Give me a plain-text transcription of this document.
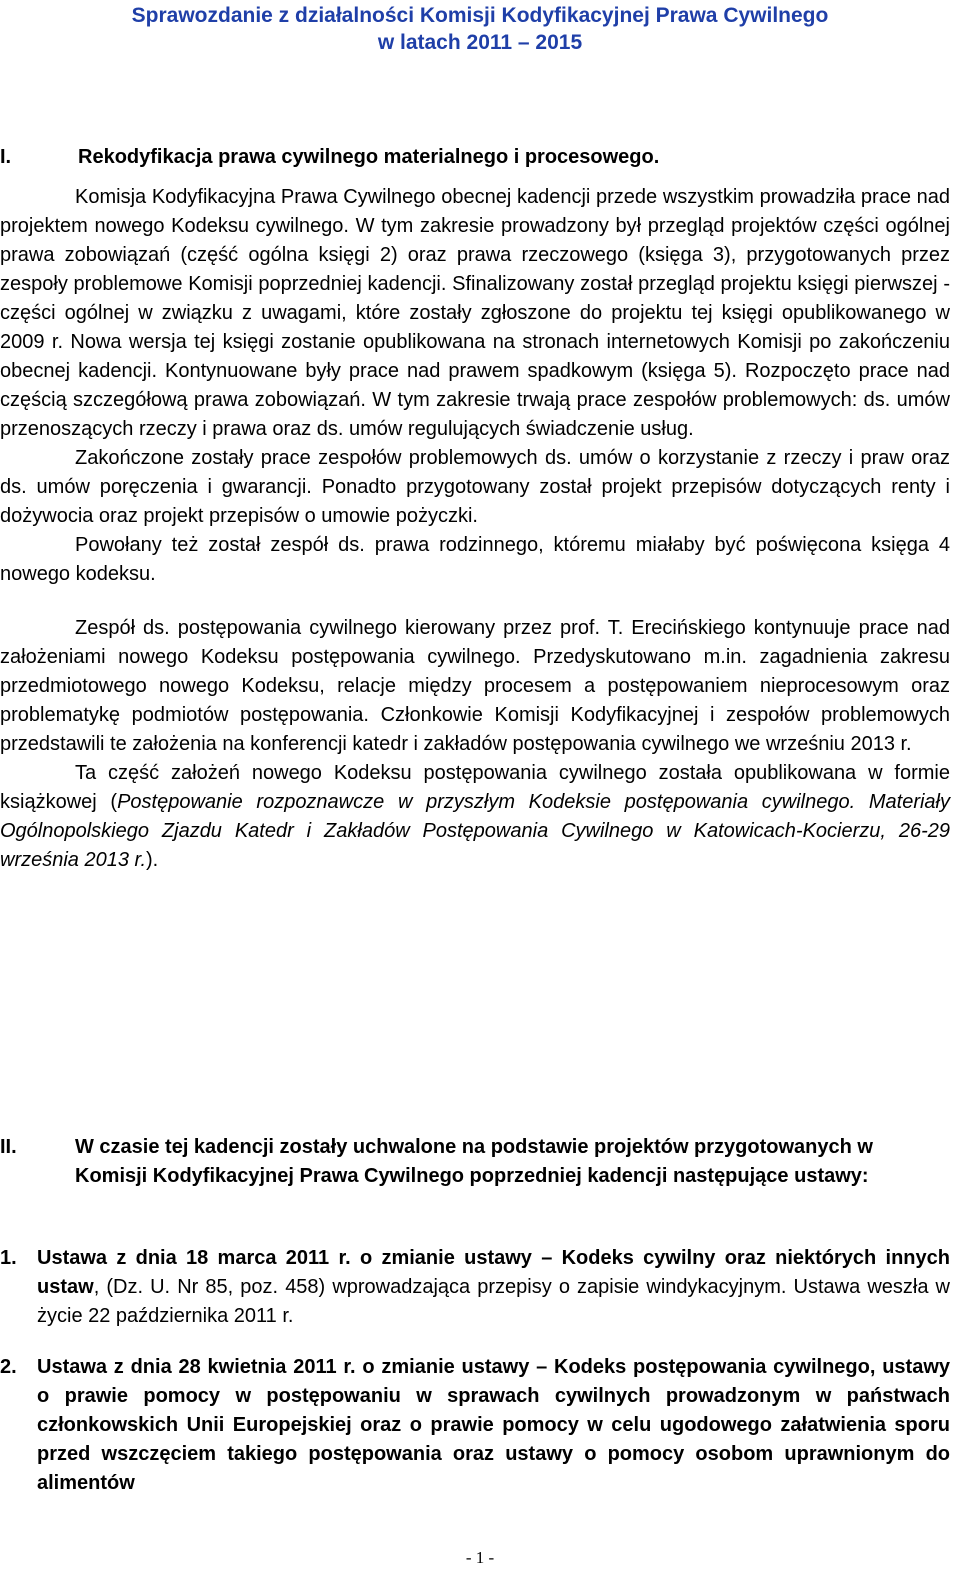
Sprawozdanie z działalności Komisji Kodyfikacyjnej Prawa Cywilnego
w latach 2011 – 2015
I.	Rekodyfikacja prawa cywilnego materialnego i procesowego.

Komisja Kodyfikacyjna Prawa Cywilnego obecnej kadencji przede wszystkim prowadziła prace nad projektem nowego Kodeksu cywilnego. W tym zakresie prowadzony był przegląd projektów części ogólnej prawa zobowiązań (część ogólna księgi 2) oraz prawa rzeczowego (księga 3), przygotowanych przez zespoły problemowe Komisji poprzedniej kadencji. Sfinalizowany został przegląd projektu księgi pierwszej - części ogólnej w związku z uwagami, które zostały zgłoszone do projektu tej księgi opublikowanego w 2009 r. Nowa wersja tej księgi zostanie opublikowana na stronach internetowych Komisji po zakończeniu obecnej kadencji. Kontynuowane były prace nad prawem spadkowym (księga 5). Rozpoczęto prace nad częścią szczegółową prawa zobowiązań. W tym zakresie trwają prace zespołów problemowych: ds. umów przenoszących rzeczy i prawa oraz ds. umów regulujących świadczenie usług.

Zakończone zostały prace zespołów problemowych ds. umów o korzystanie z rzeczy i praw oraz ds. umów poręczenia i gwarancji. Ponadto przygotowany został projekt przepisów dotyczących renty i dożywocia oraz projekt przepisów o umowie pożyczki.

Powołany też został zespół ds. prawa rodzinnego, któremu miałaby być poświęcona księga 4 nowego kodeksu.

Zespół ds. postępowania cywilnego kierowany przez prof. T. Erecińskiego kontynuuje prace nad założeniami nowego Kodeksu postępowania cywilnego. Przedyskutowano m.in. zagadnienia zakresu przedmiotowego nowego Kodeksu, relacje między procesem a postępowaniem nieprocesowym oraz problematykę podmiotów postępowania. Członkowie Komisji Kodyfikacyjnej i zespołów problemowych przedstawili te założenia na konferencji katedr i zakładów postępowania cywilnego we wrześniu 2013 r.

Ta część założeń nowego Kodeksu postępowania cywilnego została opublikowana w formie książkowej (Postępowanie rozpoznawcze w przyszłym Kodeksie postępowania cywilnego. Materiały Ogólnopolskiego Zjazdu Katedr i Zakładów Postępowania Cywilnego w Katowicach-Kocierzu, 26-29 września 2013 r.).

II.	W czasie tej kadencji zostały uchwalone na podstawie projektów przygotowanych w Komisji Kodyfikacyjnej Prawa Cywilnego poprzedniej kadencji następujące ustawy:
1. Ustawa z dnia 18 marca 2011 r. o zmianie ustawy – Kodeks cywilny oraz niektórych innych ustaw, (Dz. U. Nr 85, poz. 458) wprowadzająca przepisy o zapisie windykacyjnym. Ustawa weszła w życie 22 października 2011 r.
2. Ustawa z dnia 28 kwietnia 2011 r. o zmianie ustawy – Kodeks postępowania cywilnego, ustawy o prawie pomocy w postępowaniu w sprawach cywilnych prowadzonym w państwach członkowskich Unii Europejskiej oraz o prawie pomocy w celu ugodowego załatwienia sporu przed wszczęciem takiego postępowania oraz ustawy o pomocy osobom uprawnionym do alimentów
- 1 -
